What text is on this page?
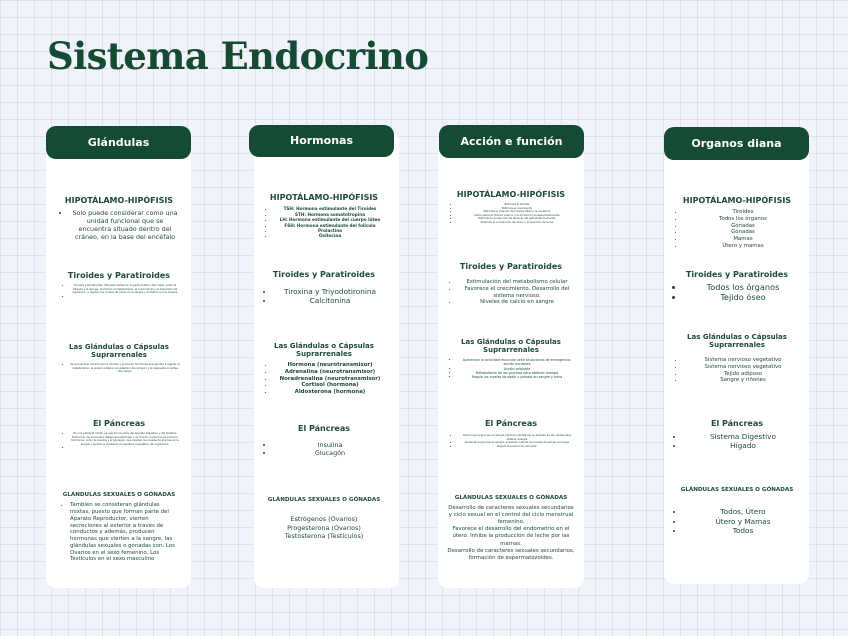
Sistema Endocrino
Glándulas
HIPOTÁLAMO-HIPÓFISIS
• Solo puede considerar como una unidad funcional que se encuentra situado dentro del cráneo, en la base del encéfalo
Tiroides y Paratiroides
• Tiroides y Paratiroides: Situadas ambas en la parte anterior del cuello, sobre la tráquea y la laringe. Controlan el metabolismo, el crecimiento y el desarrollo del organismo, y regulan los niveles de calcio en la sangre y el fósforo en los huesos.
•
Las Glándulas o Cápsulas Suprarrenales
• Se encuentran encima de los riñones y producen hormonas que ayudan a regular el metabolismo, la presión arterial, el sistema inmunológico y la respuesta al estrés del cuerpo.
El Páncreas
• Es una glándula mixta, ya que forma parte del Aparato Digestivo y del Sistema Endocrino. Se encuentra debajo del estómago y su función endocrina es producir hormonas, como la insulina y el glucagón, que regulan los niveles de glucosa en la sangre y ayudan a mantener el equilibrio energético del organismo.
•
GLÁNDULAS SEXUALES O GÓNADAS
• También se consideran glándulas mixtas, puesto que forman parte del Aparato Reproductor, vierten secreciones al exterior a través de conductos y además, producen hormonas que vierten a la sangre, las glándulas sexuales o gónadas son: Los Ovarios en el sexo femenino, Los Testículos en el sexo masculino
Hormonas
HIPOTÁLAMO-HIPÓFISIS
• TSH: Hormona estimulante del Tiroides
• STH: Hormona somatotropina
• LH: Hormona estimulante del cuerpo lúteo
• FSH: Hormona estimulante del folículo
• Prolactina
• Oxitocina
Tiroides y Paratiroides
• Tiroxina y Triyodotironina
• Calcitonina
Las Glándulas o Cápsulas Suprarrenales
• Hormona (neurotransmisor)
• Adrenalina (neurotransmisor)
• Noradrenalina (neurotransmisor)
• Cortisol (hormona)
• Aldosterona (hormona)
El Páncreas
• Insulina
• Glucagón
GLÁNDULAS SEXUALES O GÓNADAS

Estrógenos (Ovarios)

Progesterona (Ovarios)

Testosterona (Testículos)

Acción e función
HIPOTÁLAMO-HIPÓFISIS
• Estimula el tiroides
• Estimula el crecimiento
• Estimula la creación del cuerpo lúteo y la ovulación
• Actúa sobre el folículo ovárico y la formación de espermatozoides
• Estimula la producción de leche en las glándulas mamarias
• Estimula la contracción del útero y la eyección de leche
Tiroides y Paratiroides
• Estimulación del metabolismo celular
• Favorece el crecimiento. Desarrollo del sistema nervioso.
• Niveles de calcio en sangre
Las Glándulas o Cápsulas Suprarrenales
• Aumentan la actividad muscular ante situaciones de emergencia, acción excitante
• Acción relajante
• Metabolismo de los glúcidos para obtener energía
• Regula los niveles de sodio y potasio en sangre y orina
El Páncreas
• Disminuye la glucosa en sangre (azúcar), facilitando su entrada en las células para obtener energía
• Aumenta la glucosa en sangre, actuando cuando los niveles de azúcar son bajos
• Regula la producción de leche
GLÁNDULAS SEXUALES O GÓNADAS

Desarrollo de caracteres sexuales secundarios y ciclo sexual en el control del ciclo menstrual femenino.

Favorece el desarrollo del endometrio en el útero. Inhibe la producción de leche por las mamas.

Desarrollo de caracteres sexuales secundarios, formación de espermatozoides.

Organos diana
HIPOTÁLAMO-HIPÓFISIS
• Tiroides
• Todos los órganos
• Gónadas
• Gónadas
• Mamas
• Útero y mamas
Tiroides y Paratiroides
• Todos los órganos
• Tejido óseo
Las Glándulas o Cápsulas Suprarrenales
• Sistema nervioso vegetativo
• Sistema nervioso vegetativo
• Tejido adiposo
• Sangre y riñones
El Páncreas
• Sistema Digestivo
• Hígado
GLÁNDULAS SEXUALES O GÓNADAS
• Todos, Útero
• Útero y Mamas
• Todos
